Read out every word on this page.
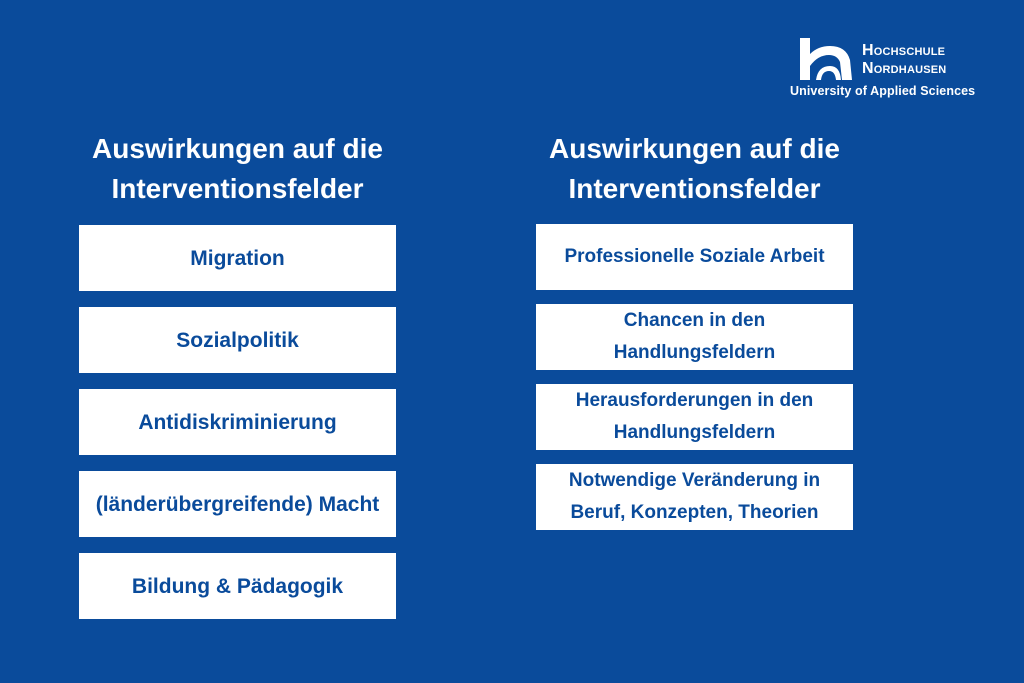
Hochschule
Nordhausen
University of Applied Sciences
Auswirkungen auf die
Interventionsfelder
Migration
Sozialpolitik
Antidiskriminierung
(länderübergreifende) Macht
Bildung & Pädagogik
Auswirkungen auf die
Interventionsfelder
Professionelle Soziale Arbeit
Chancen in den
Handlungsfeldern
Herausforderungen in den
Handlungsfeldern
Notwendige Veränderung in
Beruf, Konzepten, Theorien
